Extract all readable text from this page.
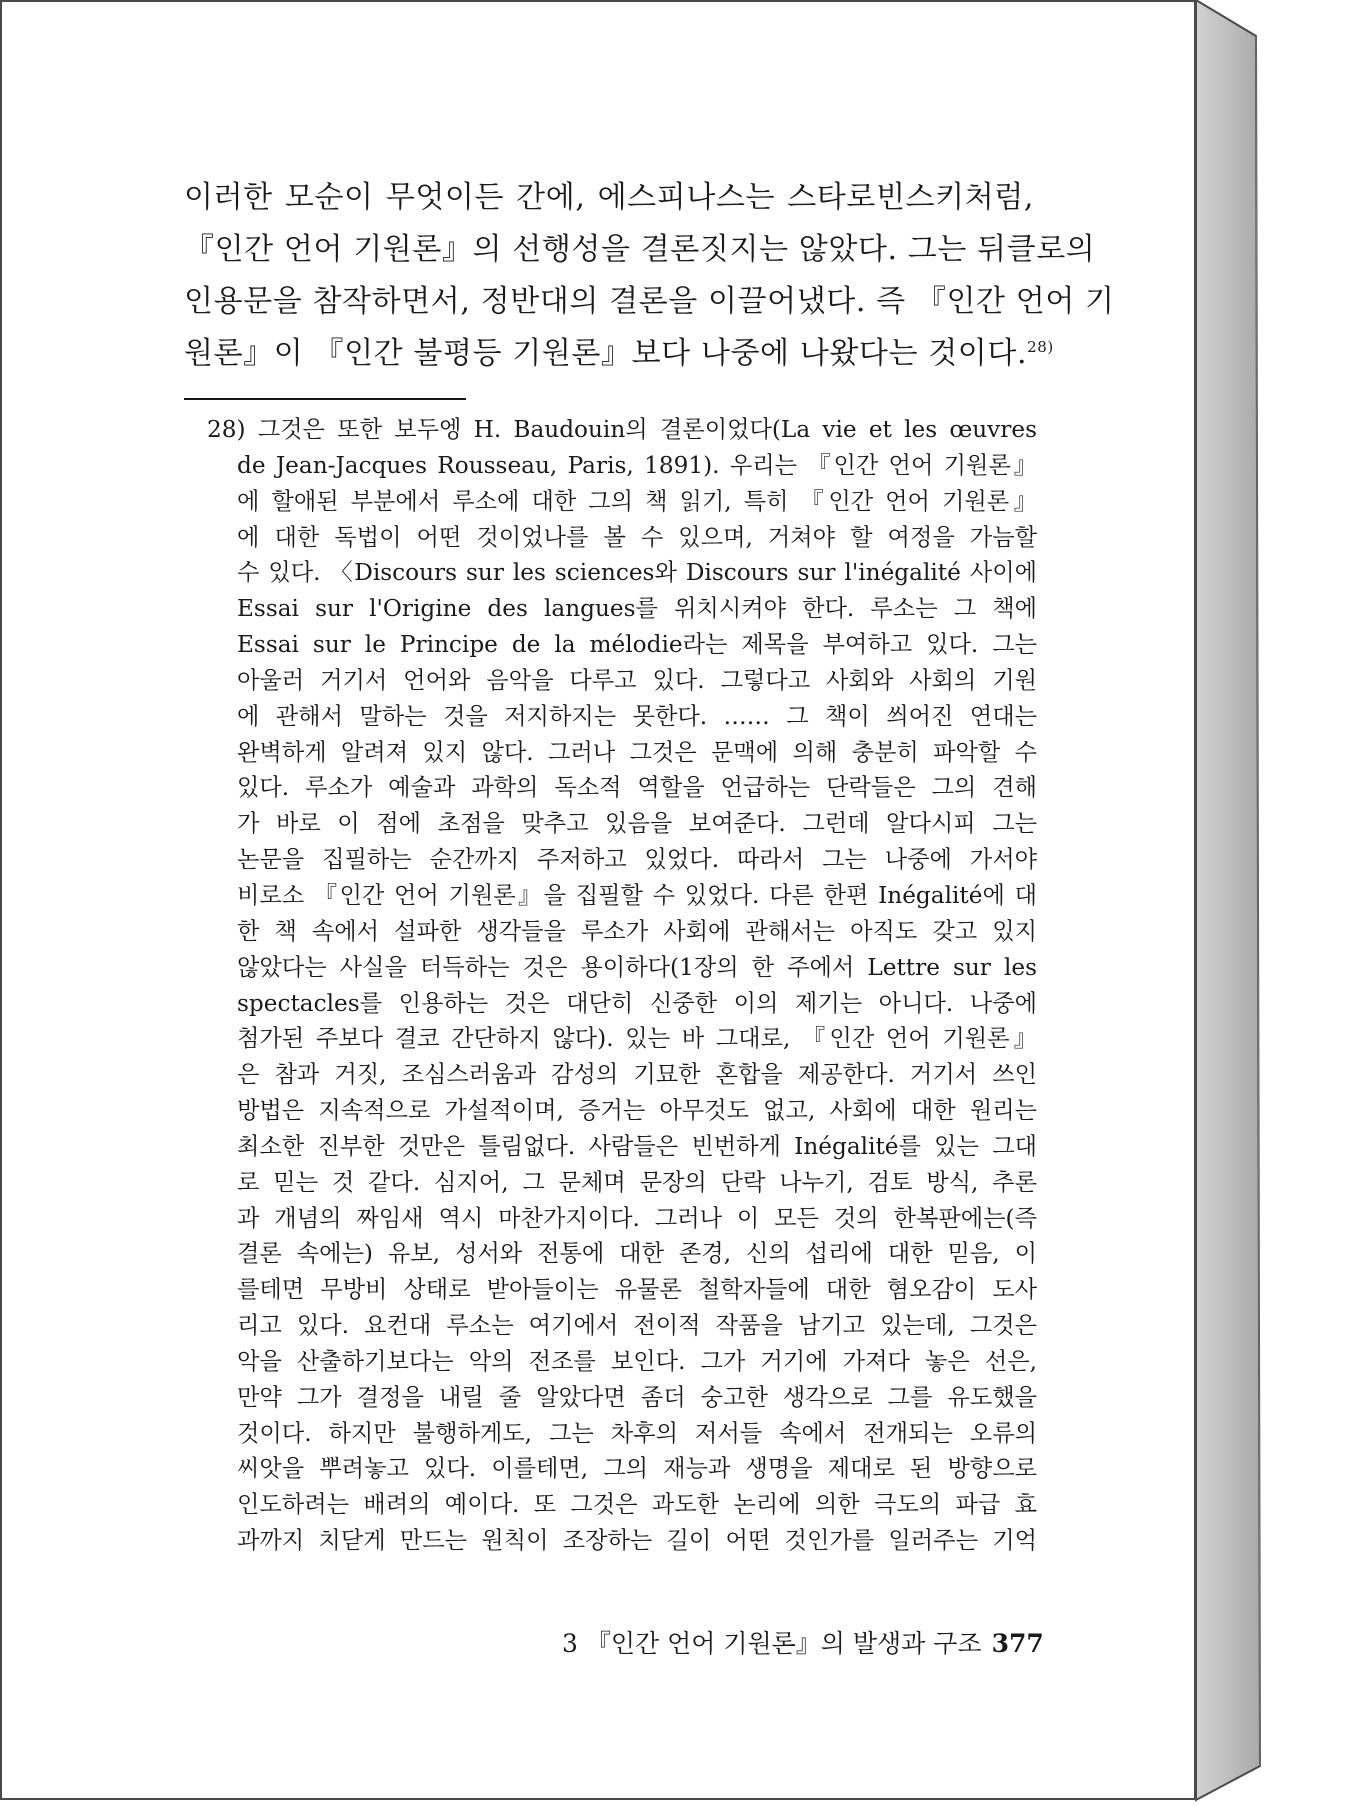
이러한 모순이 무엇이든 간에, 에스피나스는 스타로빈스키처럼,
『인간 언어 기원론』의 선행성을 결론짓지는 않았다. 그는 뒤클로의
인용문을 참작하면서, 정반대의 결론을 이끌어냈다. 즉 『인간 언어 기
원론』이 『인간 불평등 기원론』보다 나중에 나왔다는 것이다.$^{28)}$

28) 그것은 또한 보두엥 H. Baudouin의 결론이었다(La vie et les œuvres
de Jean-Jacques Rousseau, Paris, 1891). 우리는 『인간 언어 기원론』
에 할애된 부분에서 루소에 대한 그의 책 읽기, 특히 『인간 언어 기원론』
에 대한 독법이 어떤 것이었나를 볼 수 있으며, 거쳐야 할 여정을 가늠할
수 있다. 〈Discours sur les sciences와 Discours sur l'inégalité 사이에
Essai sur l'Origine des langues를 위치시켜야 한다. 루소는 그 책에
Essai sur le Principe de la mélodie라는 제목을 부여하고 있다. 그는
아울러 거기서 언어와 음악을 다루고 있다. 그렇다고 사회와 사회의 기원
에 관해서 말하는 것을 저지하지는 못한다. …… 그 책이 씌어진 연대는
완벽하게 알려져 있지 않다. 그러나 그것은 문맥에 의해 충분히 파악할 수
있다. 루소가 예술과 과학의 독소적 역할을 언급하는 단락들은 그의 견해
가 바로 이 점에 초점을 맞추고 있음을 보여준다. 그런데 알다시피 그는
논문을 집필하는 순간까지 주저하고 있었다. 따라서 그는 나중에 가서야
비로소 『인간 언어 기원론』을 집필할 수 있었다. 다른 한편 Inégalité에 대
한 책 속에서 설파한 생각들을 루소가 사회에 관해서는 아직도 갖고 있지
않았다는 사실을 터득하는 것은 용이하다(1장의 한 주에서 Lettre sur les
spectacles를 인용하는 것은 대단히 신중한 이의 제기는 아니다. 나중에
첨가된 주보다 결코 간단하지 않다). 있는 바 그대로, 『인간 언어 기원론』
은 참과 거짓, 조심스러움과 감성의 기묘한 혼합을 제공한다. 거기서 쓰인
방법은 지속적으로 가설적이며, 증거는 아무것도 없고, 사회에 대한 원리는
최소한 진부한 것만은 틀림없다. 사람들은 빈번하게 Inégalité를 있는 그대
로 믿는 것 같다. 심지어, 그 문체며 문장의 단락 나누기, 검토 방식, 추론
과 개념의 짜임새 역시 마찬가지이다. 그러나 이 모든 것의 한복판에는(즉
결론 속에는) 유보, 성서와 전통에 대한 존경, 신의 섭리에 대한 믿음, 이
를테면 무방비 상태로 받아들이는 유물론 철학자들에 대한 혐오감이 도사
리고 있다. 요컨대 루소는 여기에서 전이적 작품을 남기고 있는데, 그것은
악을 산출하기보다는 악의 전조를 보인다. 그가 거기에 가져다 놓은 선은,
만약 그가 결정을 내릴 줄 알았다면 좀더 숭고한 생각으로 그를 유도했을
것이다. 하지만 불행하게도, 그는 차후의 저서들 속에서 전개되는 오류의
씨앗을 뿌려놓고 있다. 이를테면, 그의 재능과 생명을 제대로 된 방향으로
인도하려는 배려의 예이다. 또 그것은 과도한 논리에 의한 극도의 파급 효
과까지 치닫게 만드는 원칙이 조장하는 길이 어떤 것인가를 일러주는 기억
3 『인간 언어 기원론』의 발생과 구조 377
